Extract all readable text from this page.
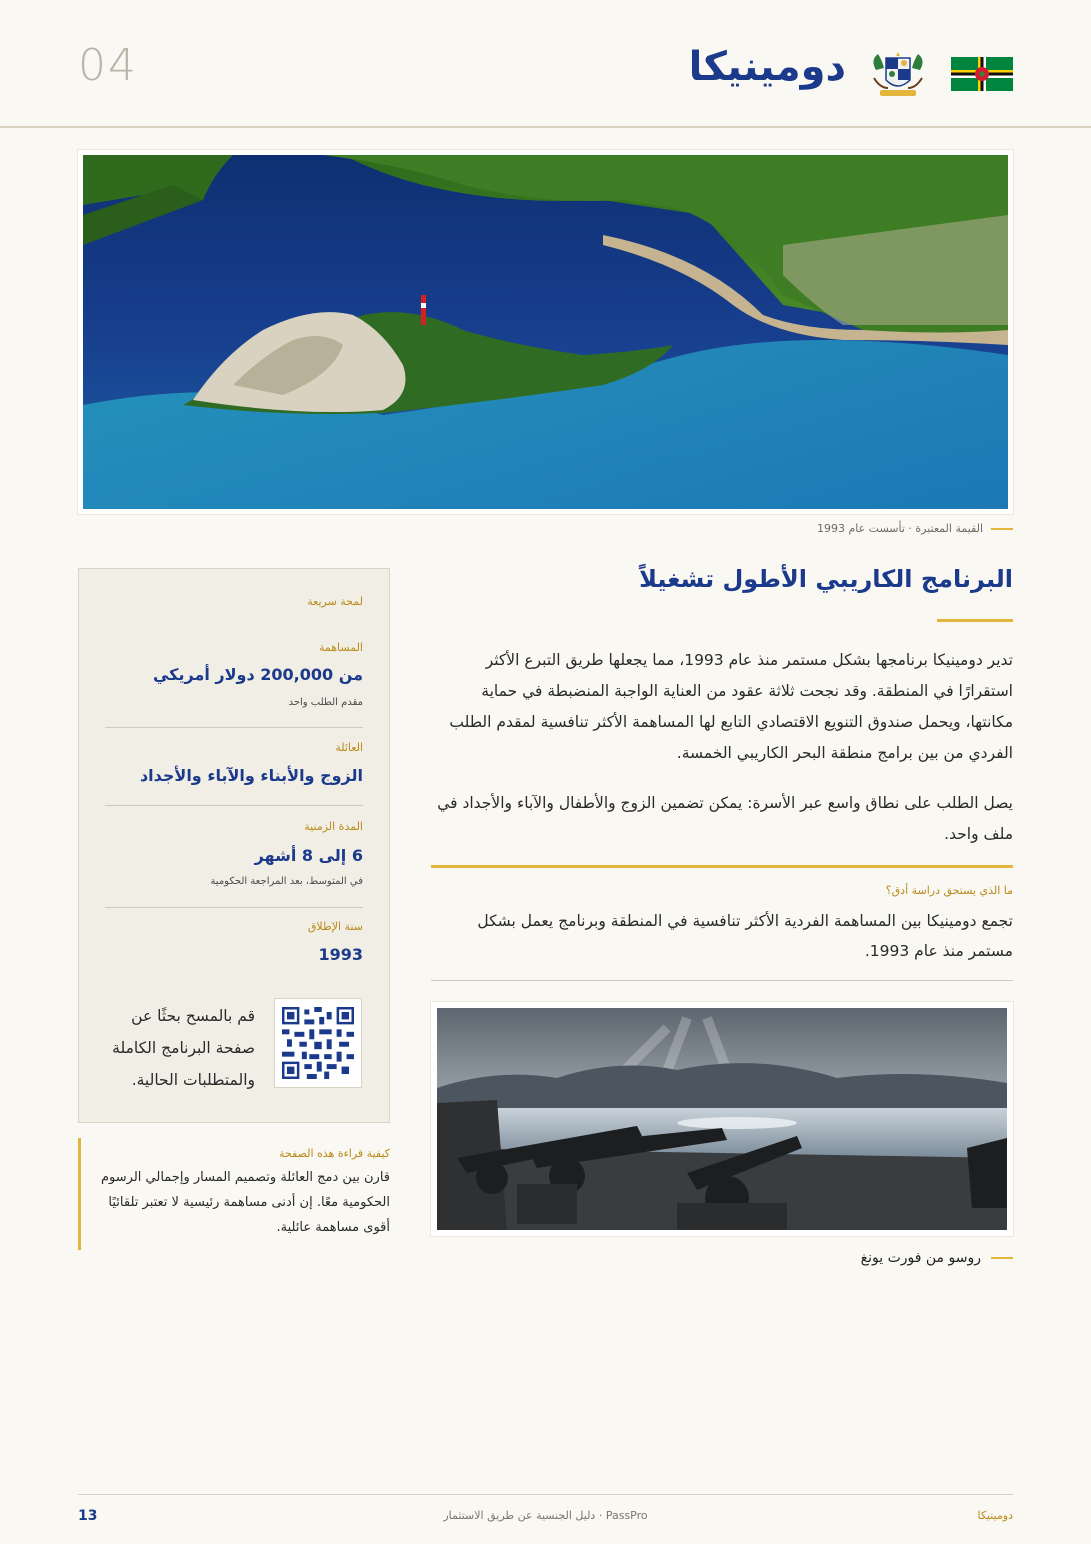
04	دومينيكا
القيمة المعتبرة · تأسست عام 1993
البرنامج الكاريبي الأطول تشغيلاً
تدير دومينيكا برنامجها بشكل مستمر منذ عام 1993، مما يجعلها طريق التبرع الأكثر استقرارًا في المنطقة. وقد نجحت ثلاثة عقود من العناية الواجبة المنضبطة في حماية مكانتها، ويحمل صندوق التنويع الاقتصادي التابع لها المساهمة الأكثر تنافسية لمقدم الطلب الفردي من بين برامج منطقة البحر الكاريبي الخمسة.
يصل الطلب على نطاق واسع عبر الأسرة: يمكن تضمين الزوج والأطفال والآباء والأجداد في ملف واحد.
ما الذي يستحق دراسة أدق؟
تجمع دومينيكا بين المساهمة الفردية الأكثر تنافسية في المنطقة وبرنامج يعمل بشكل مستمر منذ عام 1993.
روسو من فورت يونغ
لمحة سريعة
المساهمة
من 200,000 دولار أمريكي
مقدم الطلب واحد
العائلة
الزوج والأبناء والآباء والأجداد
المدة الزمنية
6 إلى 8 أشهر
في المتوسط، بعد المراجعة الحكومية
سنة الإطلاق
1993
قم بالمسح بحثًا عن صفحة البرنامج الكاملة والمتطلبات الحالية.
كيفية قراءة هذه الصفحة
قارن بين دمج العائلة وتصميم المسار وإجمالي الرسوم الحكومية معًا. إن أدنى مساهمة رئيسية لا تعتبر تلقائيًا أقوى مساهمة عائلية.
13	PassPro · دليل الجنسية عن طريق الاستثمار	دومينيكا
